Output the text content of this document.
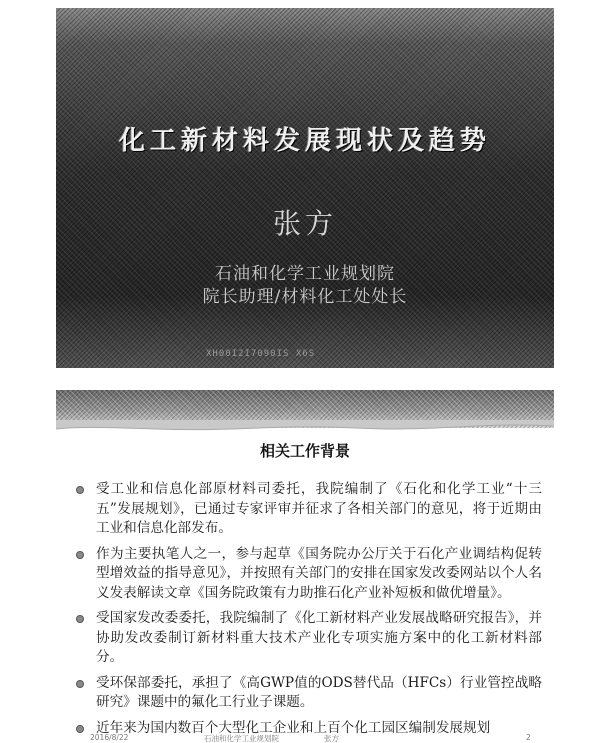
化工新材料发展现状及趋势
张方
石油和化学工业规划院
院长助理/材料化工处处长
XH00I2I7090IS X6S
相关工作背景
受工业和信息化部原材料司委托，我院编制了《石化和化学工业“十三五”发展规划》，已通过专家评审并征求了各相关部门的意见，将于近期由工业和信息化部发布。
作为主要执笔人之一，参与起草《国务院办公厅关于石化产业调结构促转型增效益的指导意见》，并按照有关部门的安排在国家发改委网站以个人名义发表解读文章《国务院政策有力助推石化产业补短板和做优增量》。
受国家发改委委托，我院编制了《化工新材料产业发展战略研究报告》，并协助发改委制订新材料重大技术产业化专项实施方案中的化工新材料部分。
受环保部委托，承担了《高GWP值的ODS替代品（HFCs）行业管控战略研究》课题中的氟化工行业子课题。
近年来为国内数百个大型化工企业和上百个化工园区编制发展规划
2016/8/22	石油和化学工业规划院	张方	2
